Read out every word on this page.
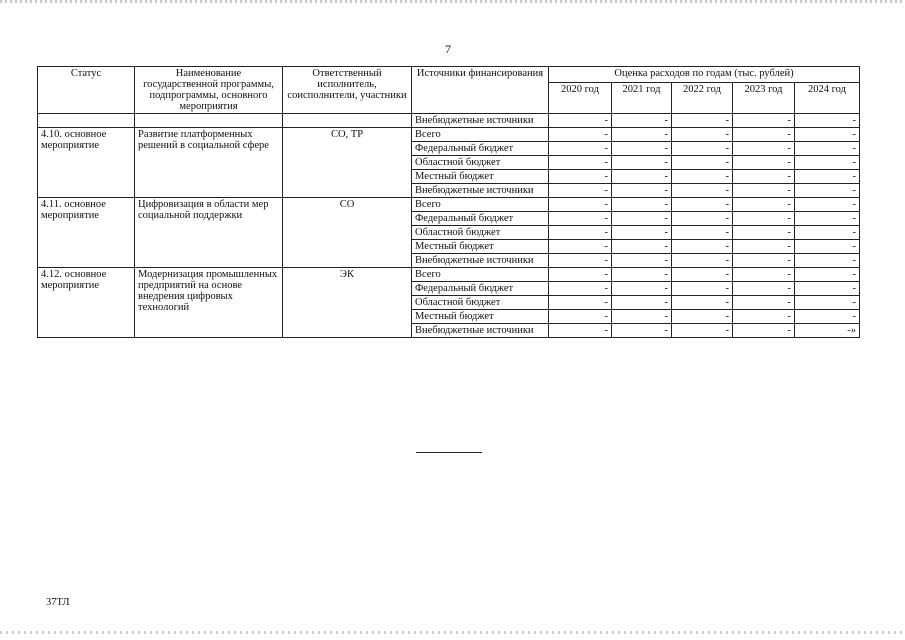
7
Статус	Наименование государственной программы, подпрограммы, основного мероприятия	Ответственный исполнитель, соисполнители, участники	Источники финансирования	Оценка расходов по годам (тыс. рублей)				
				2020 год	2021 год	2022 год	2023 год	2024 год
			Внебюджетные источники	-	-	-	-	-
4.10. основное мероприятие	Развитие платформенных решений в социальной сфере	СО, ТР	Всего	-	-	-	-	-
			Федеральный бюджет	-	-	-	-	-
			Областной бюджет	-	-	-	-	-
			Местный бюджет	-	-	-	-	-
			Внебюджетные источники	-	-	-	-	-
4.11. основное мероприятие	Цифровизация в области мер социальной поддержки	СО	Всего	-	-	-	-	-
			Федеральный бюджет	-	-	-	-	-
			Областной бюджет	-	-	-	-	-
			Местный бюджет	-	-	-	-	-
			Внебюджетные источники	-	-	-	-	-
4.12. основное мероприятие	Модернизация промышленных предприятий на основе внедрения цифровых технологий	ЭК	Всего	-	-	-	-	-
			Федеральный бюджет	-	-	-	-	-
			Областной бюджет	-	-	-	-	-
			Местный бюджет	-	-	-	-	-
			Внебюджетные источники	-	-	-	-	-»
37ТЛ
